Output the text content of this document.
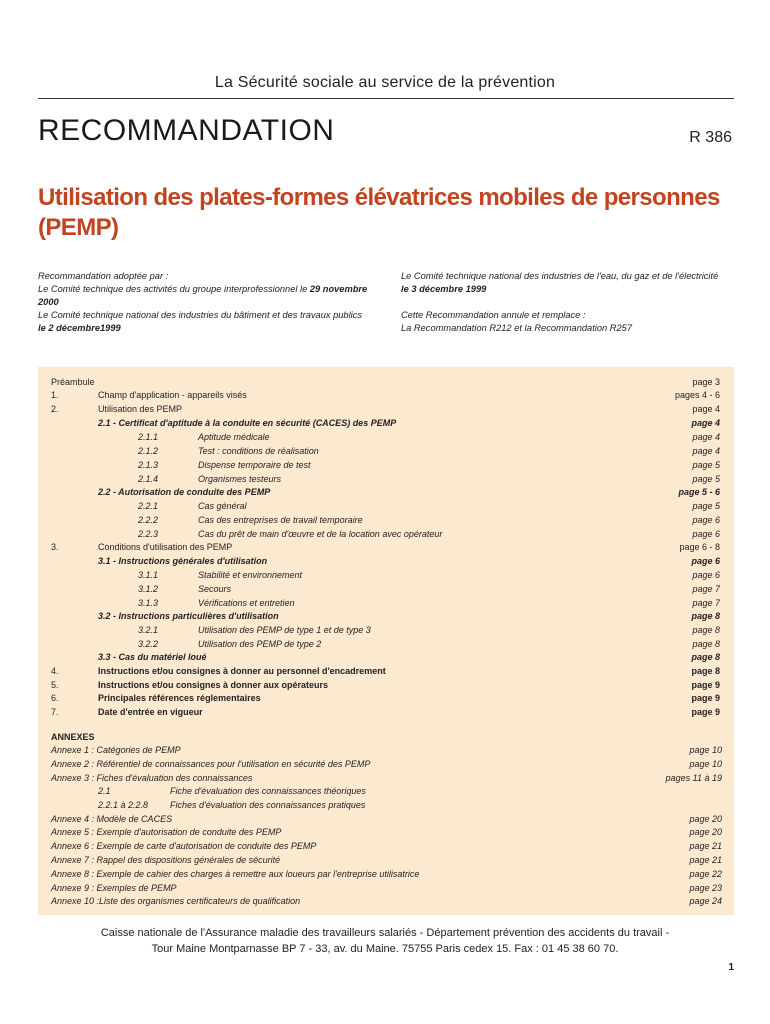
La Sécurité sociale au service de la prévention
RECOMMANDATION	R 386
Utilisation des plates-formes élévatrices mobiles de personnes (PEMP)

Recommandation adoptée par :

Le Comité technique des activités du groupe interprofessionnel le 29 novembre 2000

Le Comité technique national des industries du bâtiment et des travaux publics

le 2 décembre1999

Le Comité technique national des industries de l'eau, du gaz et de l'électricité

le 3 décembre 1999

Cette Recommandation annule et remplace :

La Recommandation R212 et la Recommandation R257

Préambule	page 3
1.	Champ d'application - appareils visés	pages 4 - 6
2.	Utilisation des PEMP	page 4
2.1 - Certificat d'aptitude à la conduite en sécurité (CACES) des PEMP	page 4
2.1.1	Aptitude médicale	page 4
2.1.2	Test : conditions de réalisation	page 4
2.1.3	Dispense temporaire de test	page 5
2.1.4	Organismes testeurs	page 5
2.2 - Autorisation de conduite des PEMP	page 5 - 6
2.2.1	Cas général	page 5
2.2.2	Cas des entreprises de travail temporaire	page 6
2.2.3	Cas du prêt de main d'œuvre et de la location avec opérateur	page 6
3.	Conditions d'utilisation des PEMP	page 6 - 8
3.1 - Instructions générales d'utilisation	page 6
3.1.1	Stabilité et environnement	page 6
3.1.2	Secours	page 7
3.1.3	Vérifications et entretien	page 7
3.2 - Instructions particulières d'utilisation	page 8
3.2.1	Utilisation des PEMP de type 1 et de type 3	page 8
3.2.2	Utilisation des PEMP de type 2	page 8
3.3 - Cas du matériel loué	page 8
4.	Instructions et/ou consignes à donner au personnel d'encadrement	page 8
5.	Instructions et/ou consignes à donner aux opérateurs	page 9
6.	Principales références réglementaires	page 9
7.	Date d'entrée en vigueur	page 9
ANNEXES
Annexe 1 : Catégories de PEMP	page 10
Annexe 2 : Référentiel de connaissances pour l'utilisation en sécurité des PEMP	page 10
Annexe 3 : Fiches d'évaluation des connaissances	pages 11 à 19
2.1	Fiche d'évaluation des connaissances théoriques
2.2.1 à 2.2.8 Fiches d'évaluation des connaissances pratiques
Annexe 4 : Modèle de CACES	page 20
Annexe 5 : Exemple d'autorisation de conduite des PEMP	page 20
Annexe 6 : Exemple de carte d'autorisation de conduite des PEMP	page 21
Annexe 7 : Rappel des dispositions générales de sécurité	page 21
Annexe 8 : Exemple de cahier des charges à remettre aux loueurs par l'entreprise utilisatrice	page 22
Annexe 9 : Exemples de PEMP	page 23
Annexe 10 :Liste des organismes certificateurs de qualification	page 24
Caisse nationale de l'Assurance maladie des travailleurs salariés - Département prévention des accidents du travail -
Tour Maine Montparnasse BP 7 - 33, av. du Maine. 75755 Paris cedex 15. Fax : 01 45 38 60 70.
1
